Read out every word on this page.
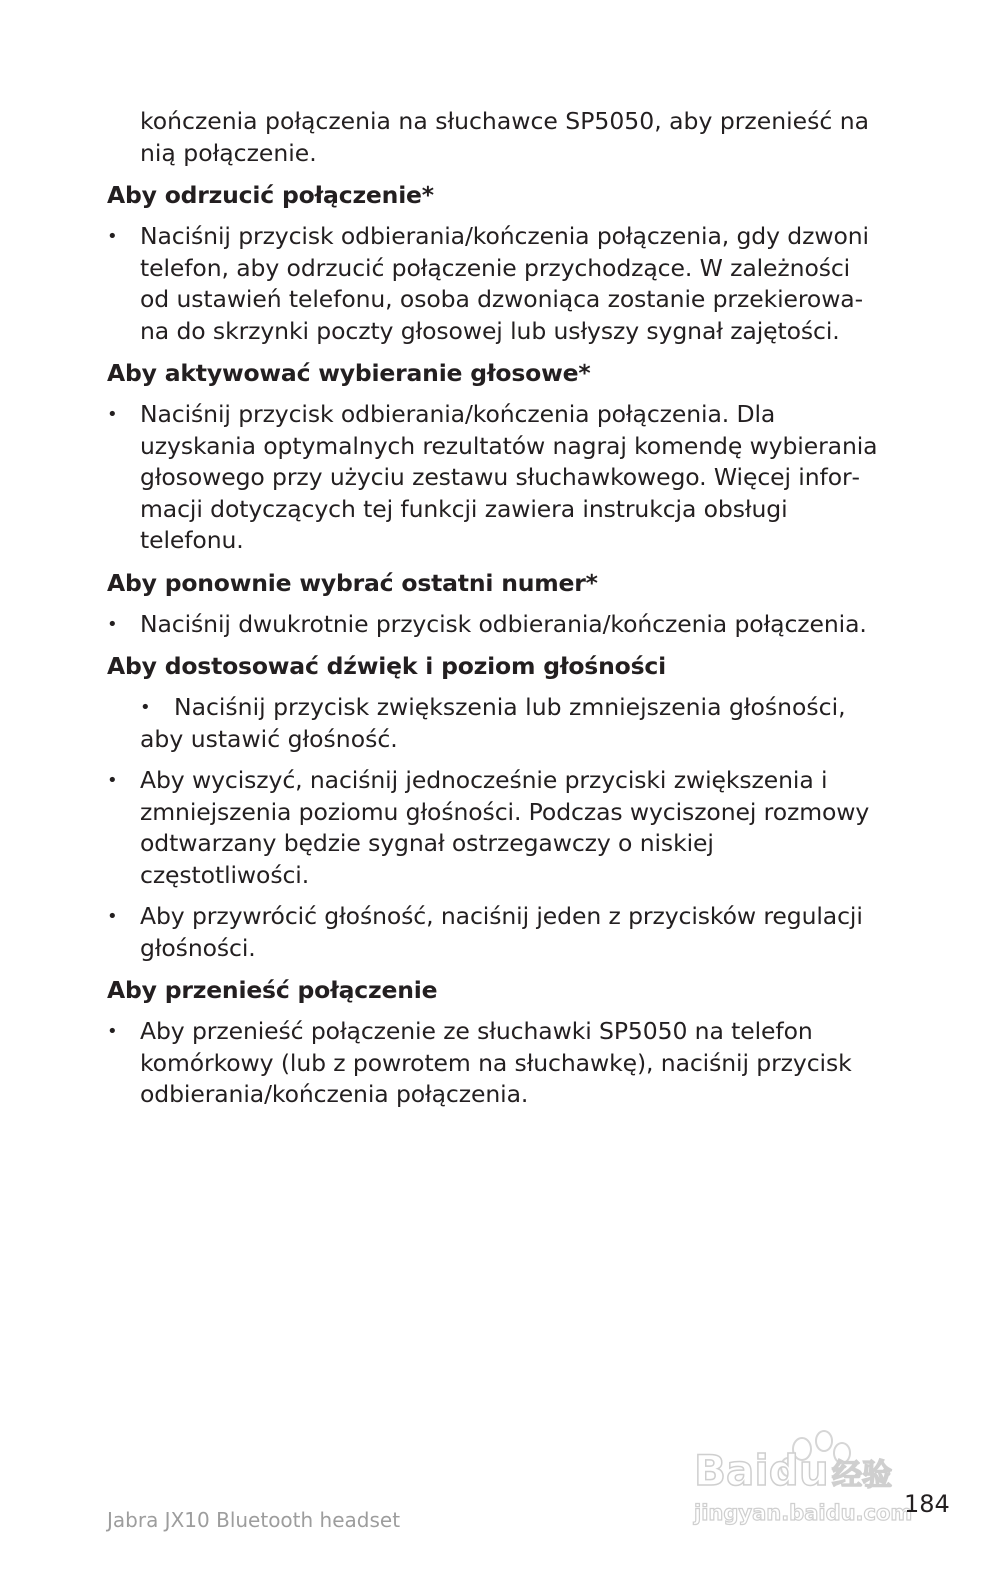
kończenia połączenia na słuchawce SP5050, aby przenieść na nią połączenie.

Aby odrzucić połączenie*
• Naciśnij przycisk odbierania/kończenia połączenia, gdy dzwoni telefon, aby odrzucić połączenie przychodzące. W zależności od ustawień telefonu, osoba dzwoniąca zostanie przekierowana do skrzynki poczty głosowej lub usłyszy sygnał zajętości.
Aby aktywować wybieranie głosowe*
• Naciśnij przycisk odbierania/kończenia połączenia. Dla uzyskania optymalnych rezultatów nagraj komendę wybierania głosowego przy użyciu zestawu słuchawkowego. Więcej informacji dotyczących tej funkcji zawiera instrukcja obsługi telefonu.
Aby ponownie wybrać ostatni numer*
• Naciśnij dwukrotnie przycisk odbierania/kończenia połączenia.
Aby dostosować dźwięk i poziom głośności
• Naciśnij przycisk zwiększenia lub zmniejszenia głośności,
aby ustawić głośność.
• Aby wyciszyć, naciśnij jednocześnie przyciski zwiększenia i zmniejszenia poziomu głośności. Podczas wyciszonej rozmowy odtwarzany będzie sygnał ostrzegawczy o niskiej częstotliwości.
• Aby przywrócić głośność, naciśnij jeden z przycisków regulacji głośności.
Aby przenieść połączenie
• Aby przenieść połączenie ze słuchawki SP5050 na telefon komórkowy (lub z powrotem na słuchawkę), naciśnij przycisk odbierania/kończenia połączenia.
Baidu 经验
jingyan.baidu.com
Jabra JX10 Bluetooth headset
184
